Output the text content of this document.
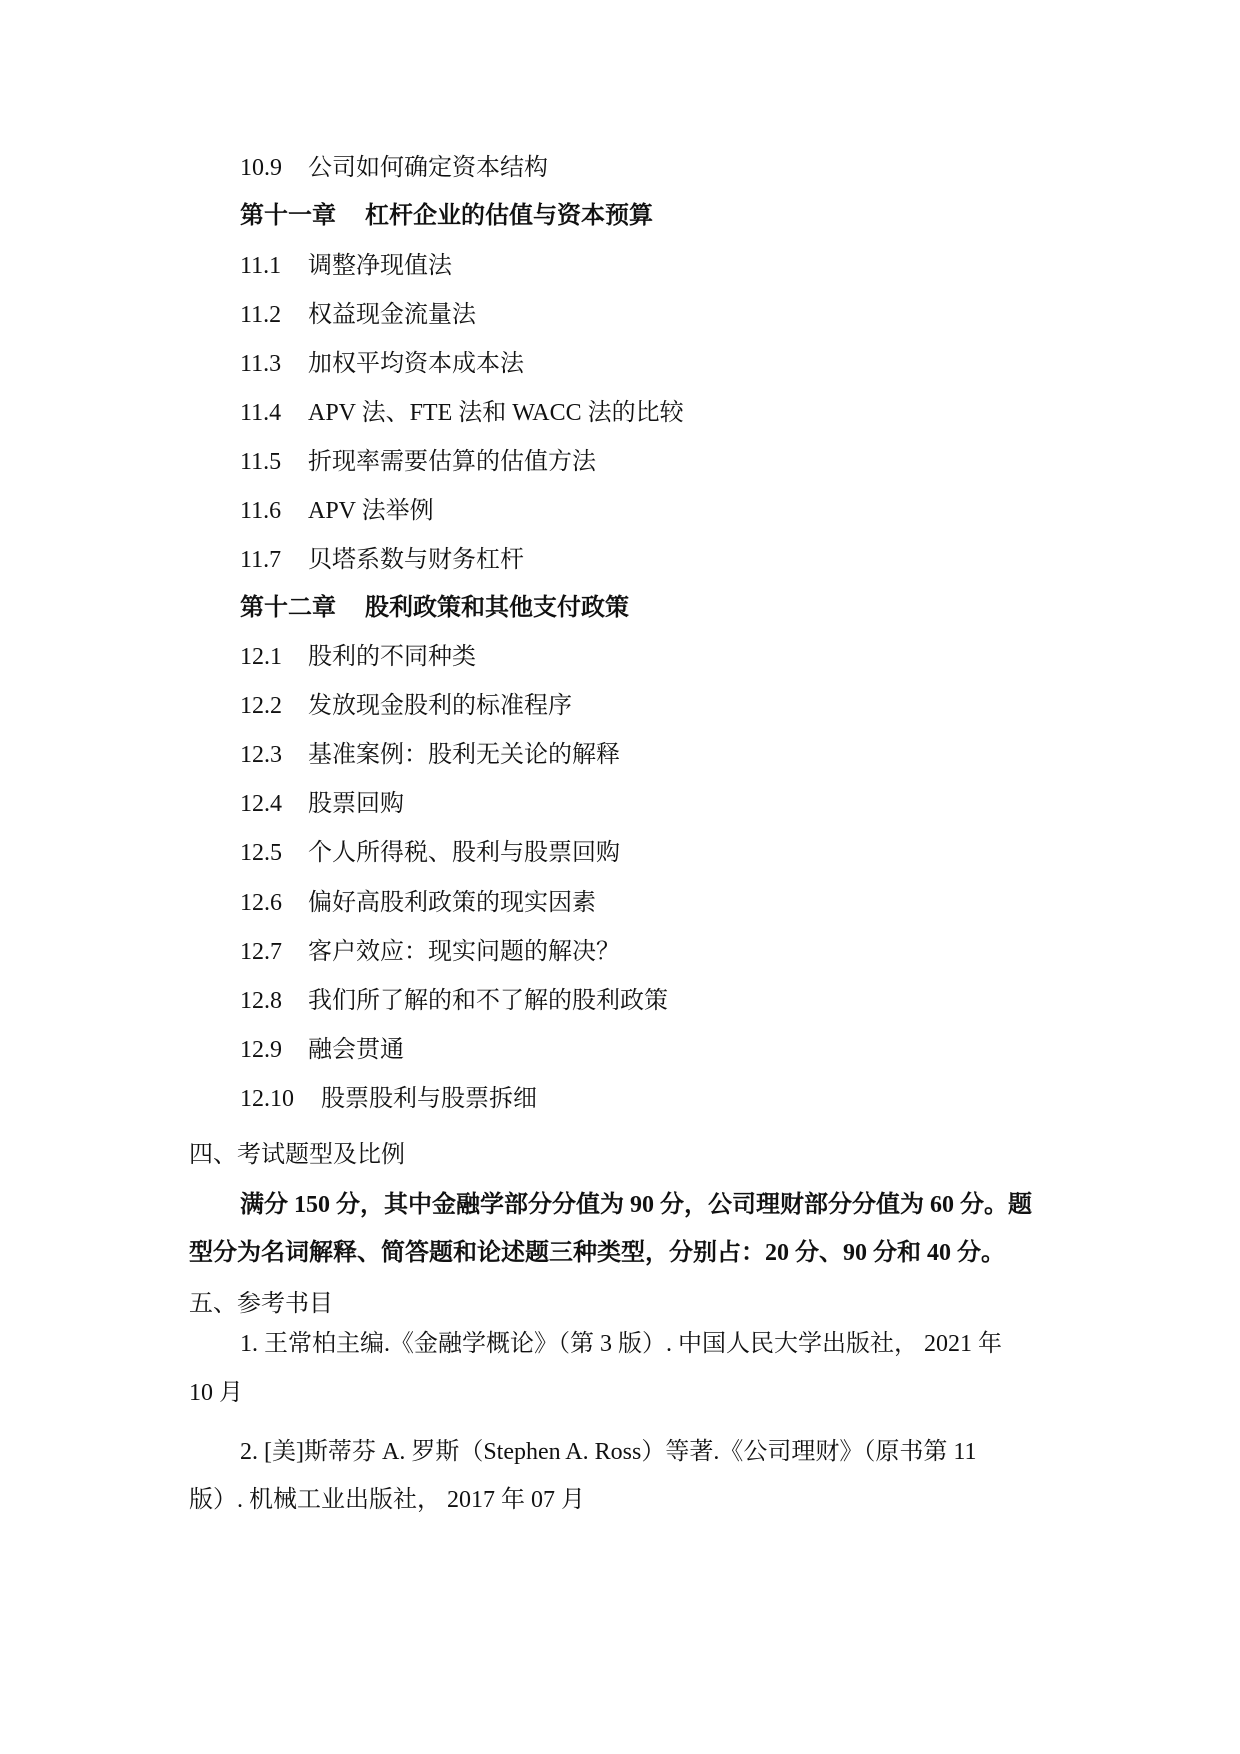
10.9 公司如何确定资本结构
第十一章 杠杆企业的估值与资本预算
11.1 调整净现值法
11.2 权益现金流量法
11.3 加权平均资本成本法
11.4 APV 法、FTE 法和 WACC 法的比较
11.5 折现率需要估算的估值方法
11.6 APV 法举例
11.7 贝塔系数与财务杠杆
第十二章 股利政策和其他支付政策
12.1 股利的不同种类
12.2 发放现金股利的标准程序
12.3 基准案例：股利无关论的解释
12.4 股票回购
12.5 个人所得税、股利与股票回购
12.6 偏好高股利政策的现实因素
12.7 客户效应：现实问题的解决？
12.8 我们所了解的和不了解的股利政策
12.9 融会贯通
12.10 股票股利与股票拆细
四、考试题型及比例
满分 150 分，其中金融学部分分值为 90 分，公司理财部分分值为 60 分。题
型分为名词解释、简答题和论述题三种类型，分别占：20 分、90 分和 40 分。
五、参考书目
1. 王常柏主编.《金融学概论》（第 3 版）. 中国人民大学出版社， 2021 年
10 月
2. [美]斯蒂芬 A. 罗斯（Stephen A. Ross）等著.《公司理财》（原书第 11
版）. 机械工业出版社， 2017 年 07 月
